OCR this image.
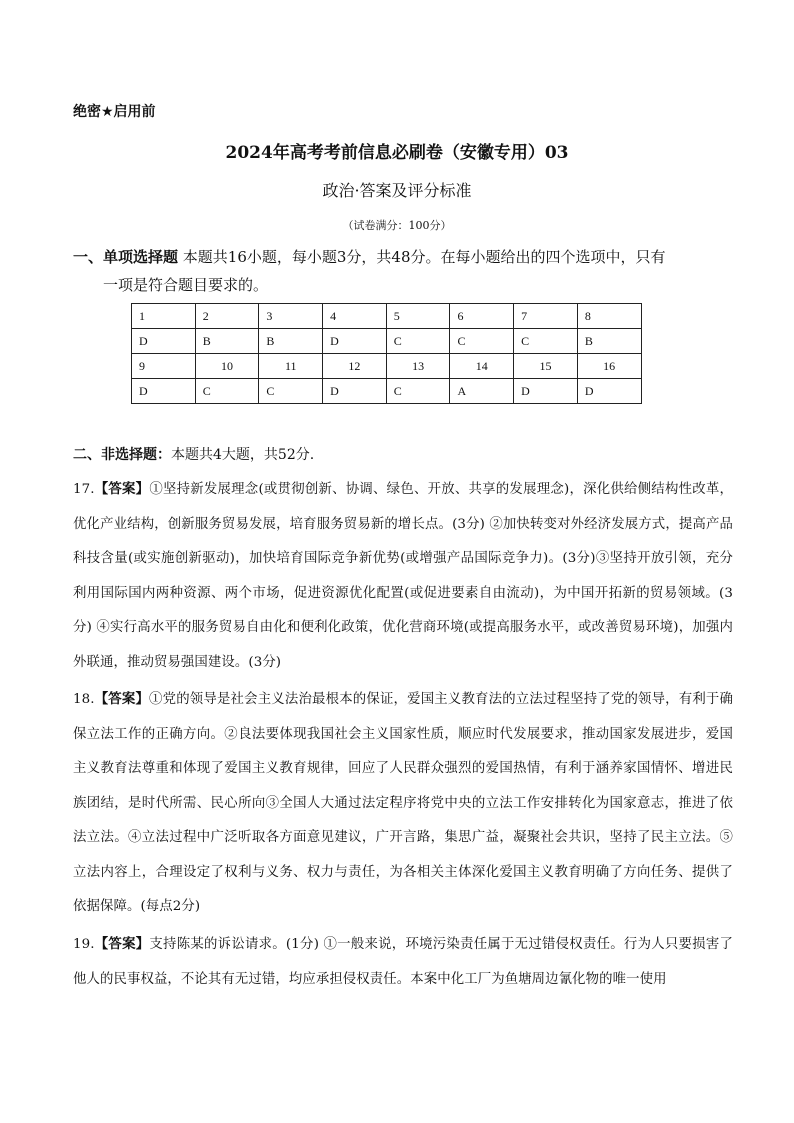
绝密★启用前
2024年高考考前信息必刷卷（安徽专用）03
政治·答案及评分标准
（试卷满分：100分）
一、单项选择题 本题共16小题，每小题3分，共48分。在每小题给出的四个选项中，只有
一项是符合题目要求的。
1	2	3	4	5	6	7	8
D	B	B	D	C	C	C	B
9	10	11	12	13	14	15	16
D	C	C	D	C	A	D	D
二、非选择题：本题共4大题，共52分.
17.【答案】①坚持新发展理念(或贯彻创新、协调、绿色、开放、共享的发展理念)，深化供给侧结构性改革，优化产业结构，创新服务贸易发展，培育服务贸易新的增长点。(3分) ②加快转变对外经济发展方式，提高产品科技含量(或实施创新驱动)，加快培育国际竞争新优势(或增强产品国际竞争力)。(3分)③坚持开放引领，充分利用国际国内两种资源、两个市场，促进资源优化配置(或促进要素自由流动)，为中国开拓新的贸易领域。(3分) ④实行高水平的服务贸易自由化和便利化政策，优化营商环境(或提高服务水平，或改善贸易环境)，加强内外联通，推动贸易强国建设。(3分)
18.【答案】①党的领导是社会主义法治最根本的保证，爱国主义教育法的立法过程坚持了党的领导，有利于确保立法工作的正确方向。②良法要体现我国社会主义国家性质，顺应时代发展要求，推动国家发展进步，爱国主义教育法尊重和体现了爱国主义教育规律，回应了人民群众强烈的爱国热情，有利于涵养家国情怀、增进民族团结，是时代所需、民心所向③全国人大通过法定程序将党中央的立法工作安排转化为国家意志，推进了依法立法。④立法过程中广泛听取各方面意见建议，广开言路，集思广益，凝聚社会共识，坚持了民主立法。⑤立法内容上，合理设定了权利与义务、权力与责任，为各相关主体深化爱国主义教育明确了方向任务、提供了依据保障。(每点2分)
19.【答案】支持陈某的诉讼请求。(1分) ①一般来说，环境污染责任属于无过错侵权责任。行为人只要损害了他人的民事权益，不论其有无过错，均应承担侵权责任。本案中化工厂为鱼塘周边氰化物的唯一使用
